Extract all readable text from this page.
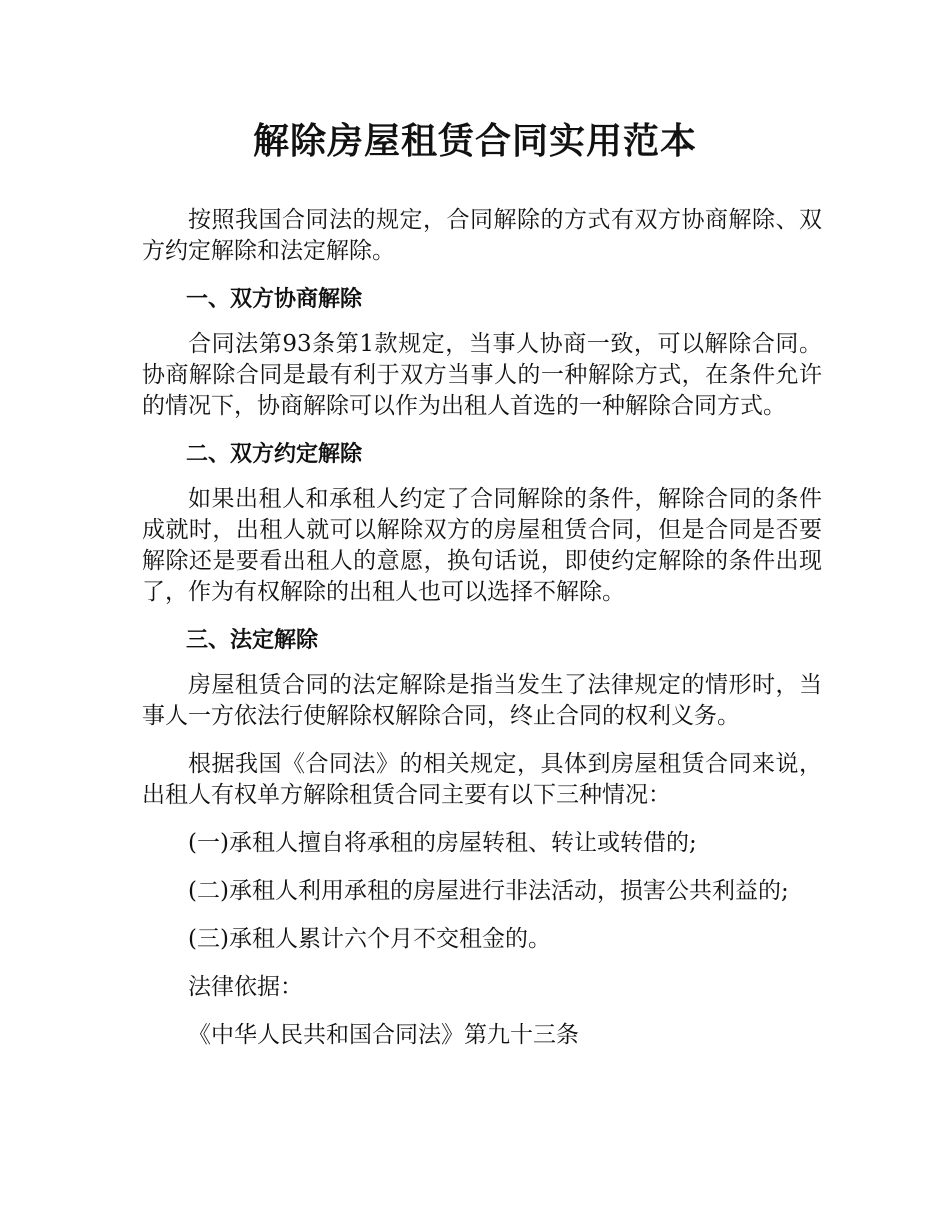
解除房屋租赁合同实用范本

按照我国合同法的规定，合同解除的方式有双方协商解除、双方约定解除和法定解除。

一、双方协商解除

合同法第93条第1款规定，当事人协商一致，可以解除合同。协商解除合同是最有利于双方当事人的一种解除方式，在条件允许的情况下，协商解除可以作为出租人首选的一种解除合同方式。

二、双方约定解除

如果出租人和承租人约定了合同解除的条件，解除合同的条件成就时，出租人就可以解除双方的房屋租赁合同，但是合同是否要解除还是要看出租人的意愿，换句话说，即使约定解除的条件出现了，作为有权解除的出租人也可以选择不解除。

三、法定解除

房屋租赁合同的法定解除是指当发生了法律规定的情形时，当事人一方依法行使解除权解除合同，终止合同的权利义务。

根据我国《合同法》的相关规定，具体到房屋租赁合同来说，出租人有权单方解除租赁合同主要有以下三种情况：

(一)承租人擅自将承租的房屋转租、转让或转借的;

(二)承租人利用承租的房屋进行非法活动，损害公共利益的;

(三)承租人累计六个月不交租金的。

法律依据：

《中华人民共和国合同法》第九十三条
